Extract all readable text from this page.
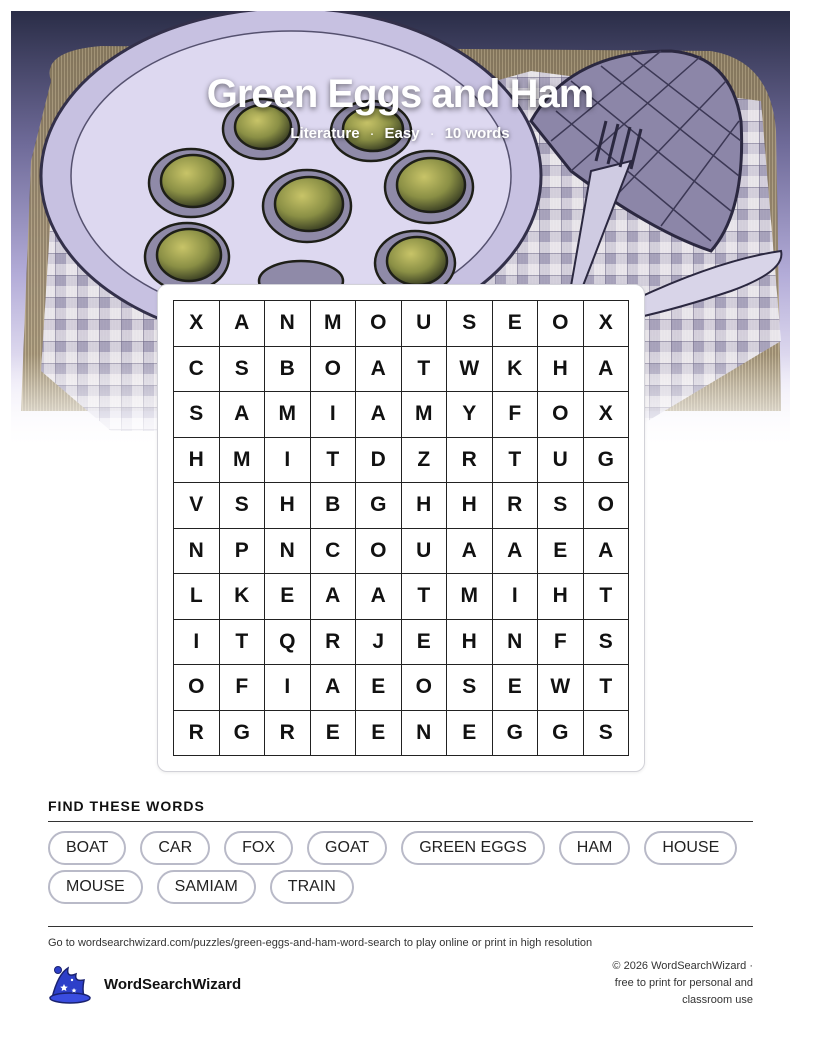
Green Eggs and Ham
Literature · Easy · 10 words
X	A	N	M	O	U	S	E	O	X
C	S	B	O	A	T	W	K	H	A
S	A	M	I	A	M	Y	F	O	X
H	M	I	T	D	Z	R	T	U	G
V	S	H	B	G	H	H	R	S	O
N	P	N	C	O	U	A	A	E	A
L	K	E	A	A	T	M	I	H	T
I	T	Q	R	J	E	H	N	F	S
O	F	I	A	E	O	S	E	W	T
R	G	R	E	E	N	E	G	G	S
FIND THESE WORDS
BOAT	CAR	FOX	GOAT	GREEN EGGS	HAM	HOUSE
MOUSE	SAMIAM	TRAIN
Go to wordsearchwizard.com/puzzles/green-eggs-and-ham-word-search to play online or print in high resolution
WordSearchWizard
© 2026 WordSearchWizard ·
free to print for personal and
classroom use
